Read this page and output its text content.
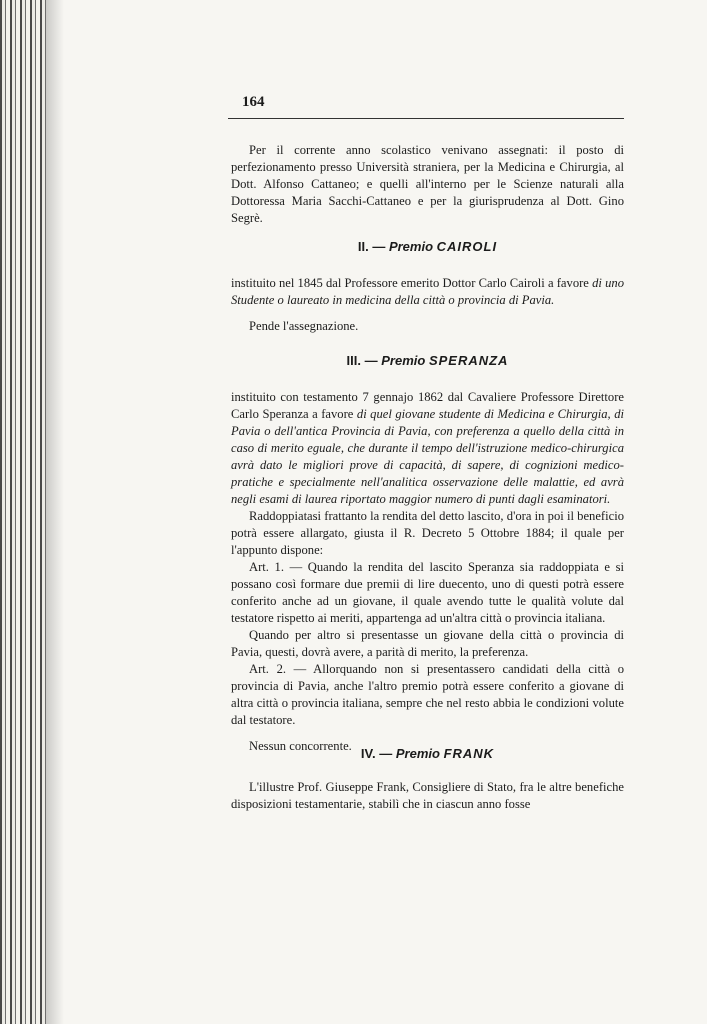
164

Per il corrente anno scolastico venivano assegnati: il posto di perfezionamento presso Università straniera, per la Medicina e Chirurgia, al Dott. Alfonso Cattaneo; e quelli all'interno per le Scienze naturali alla Dottoressa Maria Sacchi-Cattaneo e per la giurisprudenza al Dott. Gino Segrè.

II. — Premio CAIROLI

instituito nel 1845 dal Professore emerito Dottor Carlo Cairoli a favore di uno Studente o laureato in medicina della città o provincia di Pavia.

Pende l'assegnazione.

III. — Premio SPERANZA

instituito con testamento 7 gennajo 1862 dal Cavaliere Professore Direttore Carlo Speranza a favore di quel giovane studente di Medicina e Chirurgia, di Pavia o dell'antica Provincia di Pavia, con preferenza a quello della città in caso di merito eguale, che durante il tempo dell'istruzione medico-chirurgica avrà dato le migliori prove di capacità, di sapere, di cognizioni medico-pratiche e specialmente nell'analitica osservazione delle malattie, ed avrà negli esami di laurea riportato maggior numero di punti dagli esaminatori.

Raddoppiatasi frattanto la rendita del detto lascito, d'ora in poi il beneficio potrà essere allargato, giusta il R. Decreto 5 Ottobre 1884; il quale per l'appunto dispone:

Art. 1. — Quando la rendita del lascito Speranza sia raddoppiata e si possano così formare due premii di lire duecento, uno di questi potrà essere conferito anche ad un giovane, il quale avendo tutte le qualità volute dal testatore rispetto ai meriti, appartenga ad un'altra città o provincia italiana.

Quando per altro si presentasse un giovane della città o provincia di Pavia, questi, dovrà avere, a parità di merito, la preferenza.

Art. 2. — Allorquando non si presentassero candidati della città o provincia di Pavia, anche l'altro premio potrà essere conferito a giovane di altra città o provincia italiana, sempre che nel resto abbia le condizioni volute dal testatore.

Nessun concorrente. IV. — Premio FRANK

L'illustre Prof. Giuseppe Frank, Consigliere di Stato, fra le altre benefiche disposizioni testamentarie, stabilì che in ciascun anno fosse
